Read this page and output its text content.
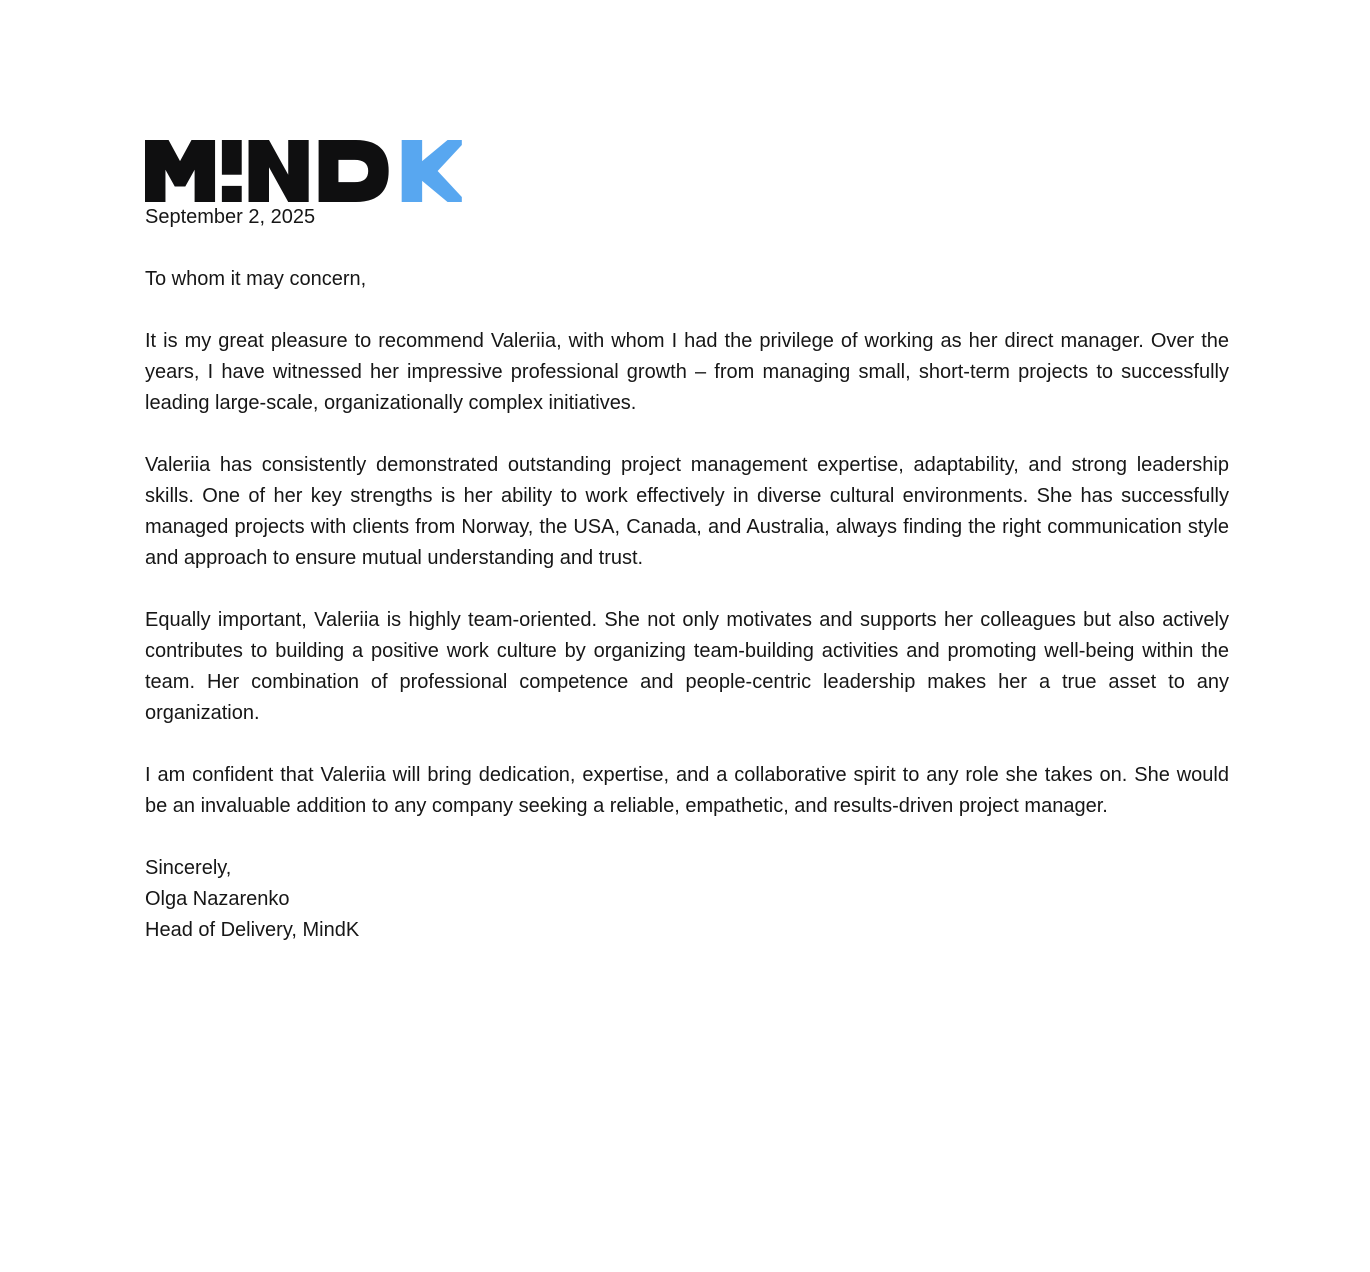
September 2, 2025
To whom it may concern,

It is my great pleasure to recommend Valeriia, with whom I had the privilege of working as her direct manager. Over the years, I have witnessed her impressive professional growth – from managing small, short-term projects to successfully leading large-scale, organizationally complex initiatives.

Valeriia has consistently demonstrated outstanding project management expertise, adaptability, and strong leadership skills. One of her key strengths is her ability to work effectively in diverse cultural environments. She has successfully managed projects with clients from Norway, the USA, Canada, and Australia, always finding the right communication style and approach to ensure mutual understanding and trust.

Equally important, Valeriia is highly team-oriented. She not only motivates and supports her colleagues but also actively contributes to building a positive work culture by organizing team-building activities and promoting well-being within the team. Her combination of professional competence and people-centric leadership makes her a true asset to any organization.

I am confident that Valeriia will bring dedication, expertise, and a collaborative spirit to any role she takes on. She would be an invaluable addition to any company seeking a reliable, empathetic, and results-driven project manager.

Sincerely,
Olga Nazarenko
Head of Delivery, MindK
